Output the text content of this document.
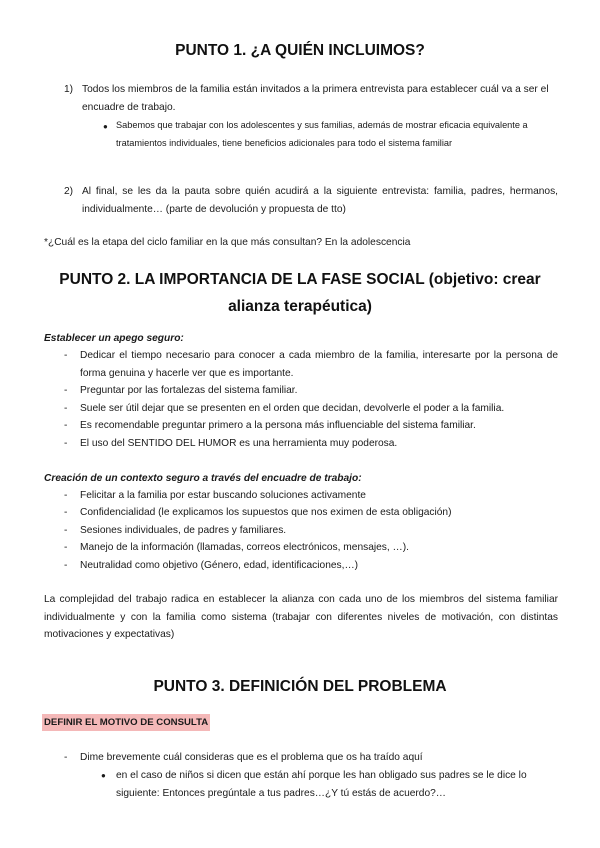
PUNTO 1. ¿A QUIÉN INCLUIMOS?
1) Todos los miembros de la familia están invitados a la primera entrevista para establecer cuál va a ser el encuadre de trabajo.

● Sabemos que trabajar con los adolescentes y sus familias, además de mostrar eficacia equivalente a tratamientos individuales, tiene beneficios adicionales para todo el sistema familiar

2) Al final, se les da la pauta sobre quién acudirá a la siguiente entrevista: familia, padres, hermanos, individualmente… (parte de devolución y propuesta de tto)

*¿Cuál es la etapa del ciclo familiar en la que más consultan? En la adolescencia

PUNTO 2. LA IMPORTANCIA DE LA FASE SOCIAL (objetivo: crear alianza terapéutica)

Establecer un apego seguro:

- Dedicar el tiempo necesario para conocer a cada miembro de la familia, interesarte por la persona de forma genuina y hacerle ver que es importante.

- Preguntar por las fortalezas del sistema familiar.

- Suele ser útil dejar que se presenten en el orden que decidan, devolverle el poder a la familia.

- Es recomendable preguntar primero a la persona más influenciable del sistema familiar.

- El uso del SENTIDO DEL HUMOR es una herramienta muy poderosa.

Creación de un contexto seguro a través del encuadre de trabajo:

- Felicitar a la familia por estar buscando soluciones activamente

- Confidencialidad (le explicamos los supuestos que nos eximen de esta obligación)

- Sesiones individuales, de padres y familiares.

- Manejo de la información (llamadas, correos electrónicos, mensajes, …).

- Neutralidad como objetivo (Género, edad, identificaciones,…)

La complejidad del trabajo radica en establecer la alianza con cada uno de los miembros del sistema familiar individualmente y con la familia como sistema (trabajar con diferentes niveles de motivación, con distintas motivaciones y expectativas)

PUNTO 3. DEFINICIÓN DEL PROBLEMA
DEFINIR EL MOTIVO DE CONSULTA
- Dime brevemente cuál consideras que es el problema que os ha traído aquí

● en el caso de niños si dicen que están ahí porque les han obligado sus padres se le dice lo siguiente: Entonces pregúntale a tus padres…¿Y tú estás de acuerdo?…
